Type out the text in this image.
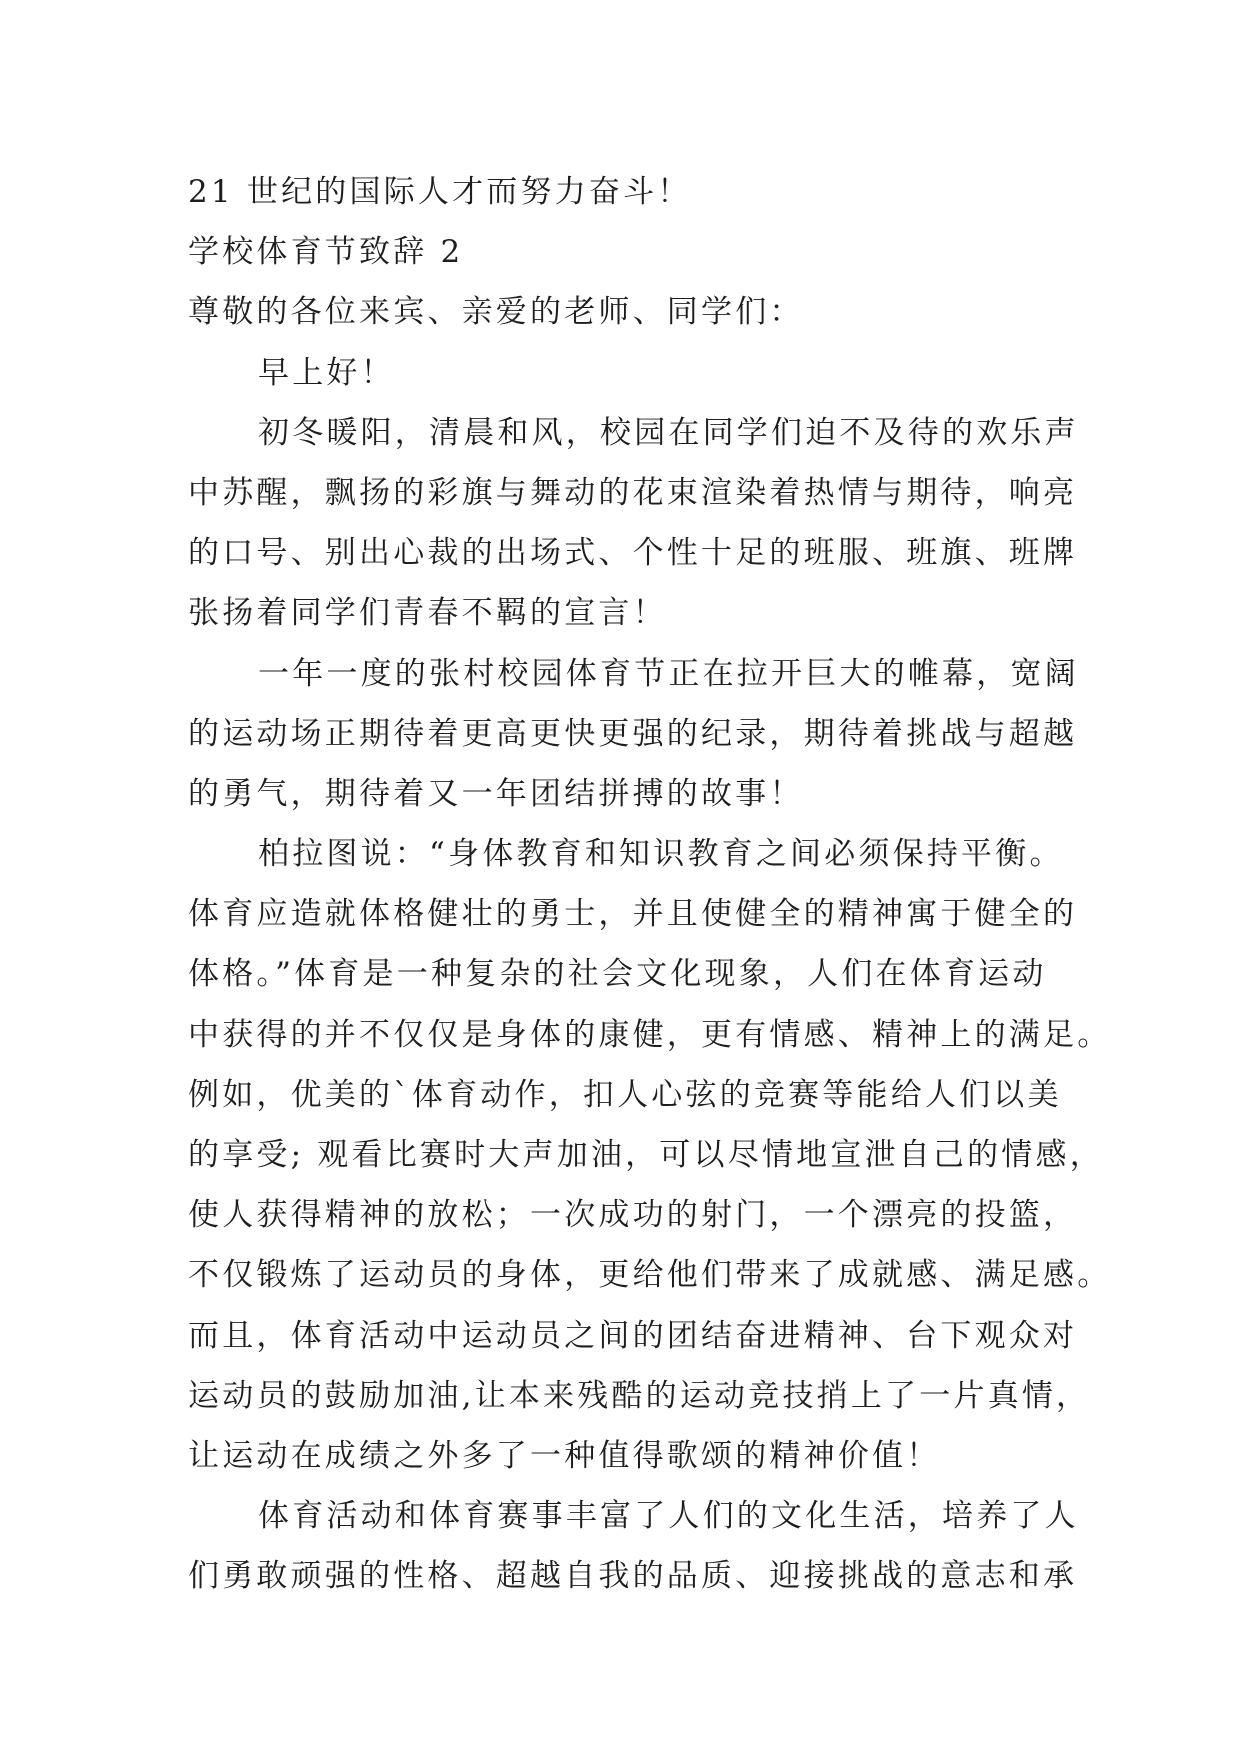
21 世纪的国际人才而努力奋斗！
学校体育节致辞 2
尊敬的各位来宾、亲爱的老师、同学们：
早上好！
初冬暖阳，清晨和风，校园在同学们迫不及待的欢乐声
中苏醒，飘扬的彩旗与舞动的花束渲染着热情与期待，响亮
的口号、别出心裁的出场式、个性十足的班服、班旗、班牌
张扬着同学们青春不羁的宣言！
一年一度的张村校园体育节正在拉开巨大的帷幕，宽阔
的运动场正期待着更高更快更强的纪录，期待着挑战与超越
的勇气，期待着又一年团结拼搏的故事！
柏拉图说：“身体教育和知识教育之间必须保持平衡。
体育应造就体格健壮的勇士，并且使健全的精神寓于健全的
体格。”体育是一种复杂的社会文化现象，人们在体育运动
中获得的并不仅仅是身体的康健，更有情感、精神上的满足。
例如，优美的`体育动作，扣人心弦的竞赛等能给人们以美
的享受; 观看比赛时大声加油，可以尽情地宣泄自己的情感，
使人获得精神的放松；一次成功的射门，一个漂亮的投篮，
不仅锻炼了运动员的身体，更给他们带来了成就感、满足感。
而且，体育活动中运动员之间的团结奋进精神、台下观众对
运动员的鼓励加油,让本来残酷的运动竞技捎上了一片真情，
让运动在成绩之外多了一种值得歌颂的精神价值！
体育活动和体育赛事丰富了人们的文化生活，培养了人
们勇敢顽强的性格、超越自我的品质、迎接挑战的意志和承
